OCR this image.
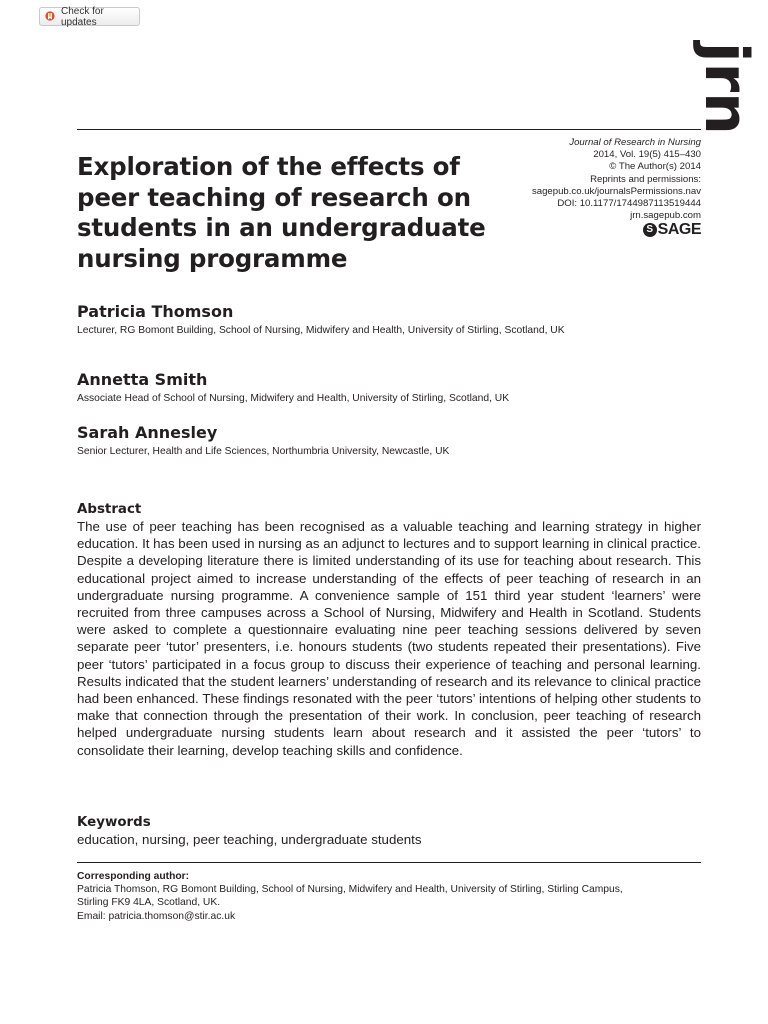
Check for updates
jrn
Exploration of the effects of peer teaching of research on students in an undergraduate nursing programme
Journal of Research in Nursing
2014, Vol. 19(5) 415–430
© The Author(s) 2014
Reprints and permissions:
sagepub.co.uk/journalsPermissions.nav
DOI: 10.1177/1744987113519444
jrn.sagepub.com
S SAGE
Patricia Thomson
Lecturer, RG Bomont Building, School of Nursing, Midwifery and Health, University of Stirling, Scotland, UK
Annetta Smith
Associate Head of School of Nursing, Midwifery and Health, University of Stirling, Scotland, UK
Sarah Annesley
Senior Lecturer, Health and Life Sciences, Northumbria University, Newcastle, UK
Abstract
The use of peer teaching has been recognised as a valuable teaching and learning strategy in higher education. It has been used in nursing as an adjunct to lectures and to support learning in clinical practice. Despite a developing literature there is limited understanding of its use for teaching about research. This educational project aimed to increase understanding of the effects of peer teaching of research in an undergraduate nursing programme. A convenience sample of 151 third year student ‘learners’ were recruited from three campuses across a School of Nursing, Midwifery and Health in Scotland. Students were asked to complete a questionnaire evaluating nine peer teaching sessions delivered by seven separate peer ‘tutor’ presenters, i.e. honours students (two students repeated their presentations). Five peer ‘tutors’ participated in a focus group to discuss their experience of teaching and personal learning. Results indicated that the student learners’ understanding of research and its relevance to clinical practice had been enhanced. These findings resonated with the peer ‘tutors’ intentions of helping other students to make that connection through the presentation of their work. In conclusion, peer teaching of research helped undergraduate nursing students learn about research and it assisted the peer ‘tutors’ to consolidate their learning, develop teaching skills and confidence.
Keywords
education, nursing, peer teaching, undergraduate students
Corresponding author:
Patricia Thomson, RG Bomont Building, School of Nursing, Midwifery and Health, University of Stirling, Stirling Campus,
Stirling FK9 4LA, Scotland, UK.
Email: patricia.thomson@stir.ac.uk
